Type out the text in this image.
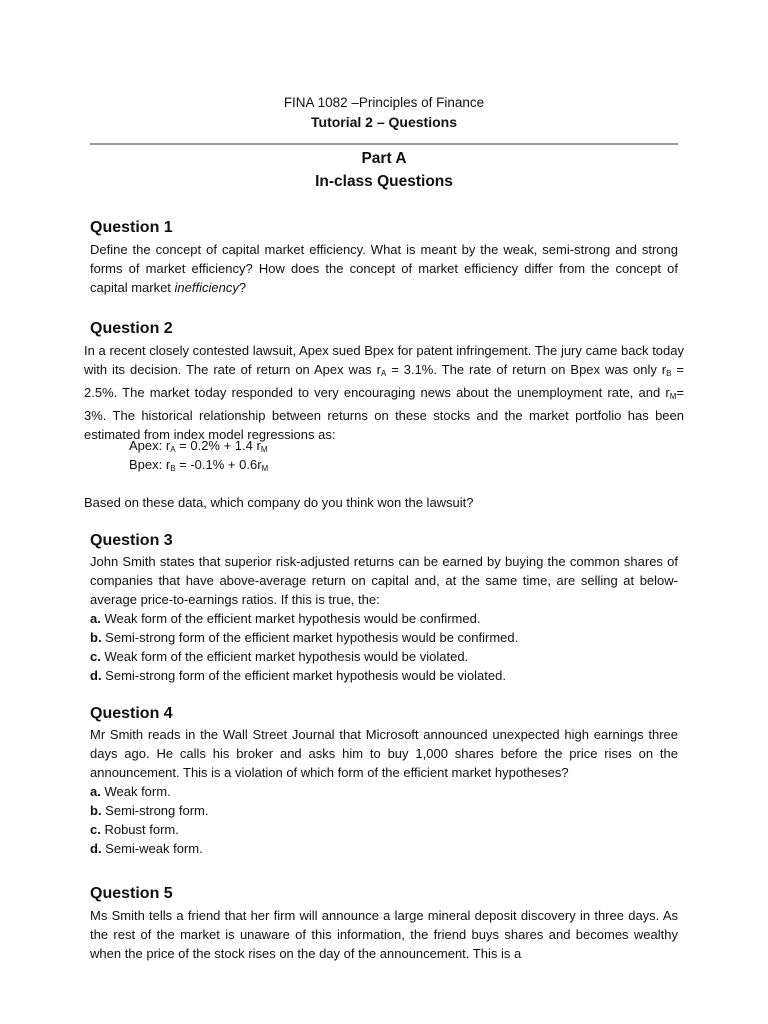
FINA 1082 –Principles of Finance
Tutorial 2 – Questions
Part A
In-class Questions
Question 1

Define the concept of capital market efficiency. What is meant by the weak, semi-strong and strong forms of market efficiency? How does the concept of market efficiency differ from the concept of capital market inefficiency?

Question 2

In a recent closely contested lawsuit, Apex sued Bpex for patent infringement. The jury came back today with its decision. The rate of return on Apex was $r_A = 3.1\%$. The rate of return on Bpex was only $r_B = 2.5\%$. The market today responded to very encouraging news about the unemployment rate, and $r_M= 3\%$. The historical relationship between returns on these stocks and the market portfolio has been estimated from index model regressions as:

Apex: $r_A = 0.2\% + 1.4$ $r_M$
Bpex: $r_B = -0.1\% + 0.6r_M$
Based on these data, which company do you think won the lawsuit?
Question 3

John Smith states that superior risk-adjusted returns can be earned by buying the common shares of companies that have above-average return on capital and, at the same time, are selling at below-average price-to-earnings ratios. If this is true, the:

a. Weak form of the efficient market hypothesis would be confirmed.
b. Semi-strong form of the efficient market hypothesis would be confirmed.
c. Weak form of the efficient market hypothesis would be violated.
d. Semi-strong form of the efficient market hypothesis would be violated.
Question 4

Mr Smith reads in the Wall Street Journal that Microsoft announced unexpected high earnings three days ago. He calls his broker and asks him to buy 1,000 shares before the price rises on the announcement. This is a violation of which form of the efficient market hypotheses?

a. Weak form.
b. Semi-strong form.
c. Robust form.
d. Semi-weak form.
Question 5

Ms Smith tells a friend that her firm will announce a large mineral deposit discovery in three days. As the rest of the market is unaware of this information, the friend buys shares and becomes wealthy when the price of the stock rises on the day of the announcement. This is a
